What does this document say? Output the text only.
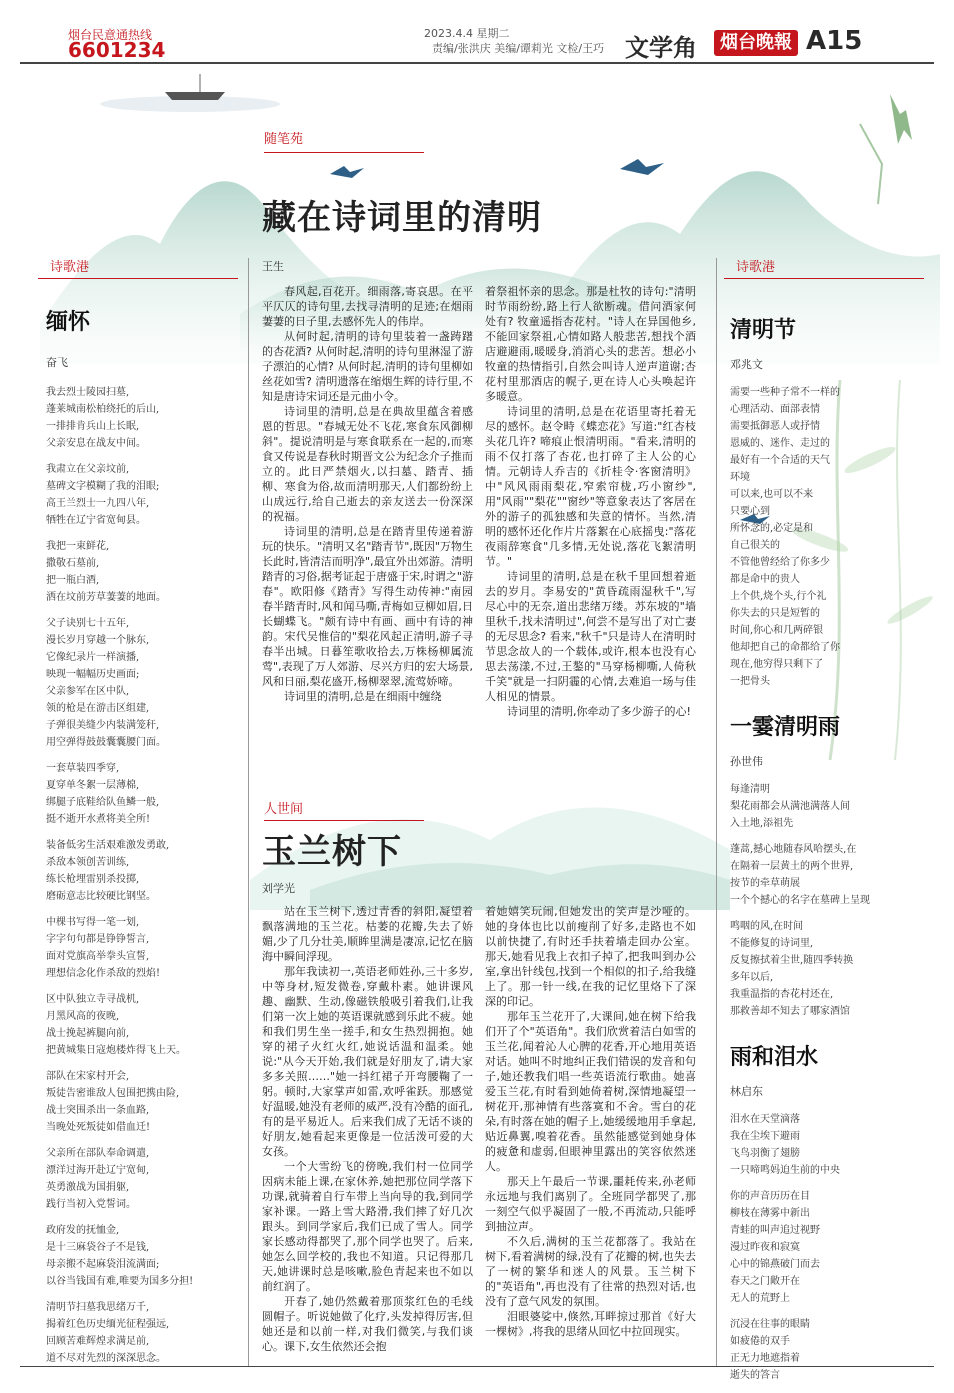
烟台民意通热线
6601234
2023.4.4 星期二
责编/张洪庆 美编/谭莉光 文检/王巧 文学角	烟台晚報 A15
诗歌港
缅怀
奋飞
我去烈士陵园扫墓,
蓬莱城南松柏绕托的后山,
一排排肯兵山上长眠,
父亲安息在战友中间。
我肃立在父亲坟前,
墓碑文字模糊了我的泪眼;
高王兰烈士一九四八年,
牺牲在辽宁省宽甸县。
我把一束鲜花,
撒敬石墓前,
把一瓶白酒,
洒在坟前芳草萋萋的地面。
父子诀别七十五年,
漫长岁月穿越一个脉东,
它像纪录片一样演播,
映现一幅幅历史画面;
父亲参军在区中队,
领的枪是在游击区组建,
子弹很美缝少内装满笼秆,
用空弹得鼓鼓囊囊腰门面。
一套草装四季穿,
夏穿单冬絮一层薄棉,
绑腿子底鞋给队鱼鳞一般,
挺不逝开水煮将美全所!
装备低劣生活艰难激发勇敢,
杀敌本领创苦训练,
练长枪埋雷别杀投掷,
磨砺意志比较硬比钢坚。
中棵书写得一笔一划,
字字句句都是铮铮誓言,
面对党旗高举拳头宣誓,
理想信念化作杀敌的烈焰!
区中队独立寺寻战机,
月黑风高的夜晚,
战士挽起裤腿向前,
把黄城集日寇炮楼炸得飞上天。
部队在宋家村开会,
叛徒告密谁敌人包围把携由险,
战士突围杀出一条血路,
当晚处死叛徒如借血迁!
父亲所在部队奉命调遣,
漂洋过海开赴辽宁宽甸,
英勇激战为国捐躯,
践行当初入党誓词。
政府发的抚恤金,
是十三麻袋谷子不是钱,
母亲搬不起麻袋泪流满面;
以谷当钱国有难,唯要为国多分担!
清明节扫墓我思绪万千,
揭着红色历史缅光征程强远,
回顾苦难辉煌求满足前,
道不尽对先烈的深深思念。
随笔苑
藏在诗词里的清明
王生

春风起,百花开。细雨落,寄哀思。在平平仄仄的诗句里,去找寻清明的足迹;在烟雨萋萋的日子里,去感怀先人的伟岸。

从何时起,清明的诗句里装着一盏踌躇的杏花酒? 从何时起,清明的诗句里淋湿了游子漂泊的心情? 从何时起,清明的诗句里柳如丝花如雪? 清明遗落在缩烟生辉的诗行里,不知是唐诗宋词还是元曲小令。

诗词里的清明,总是在典故里蕴含着感恩的哲思。"春城无处不飞花,寒食东风御柳斜"。提说清明是与寒食联系在一起的,而寒食又传说是春秋时期晋文公为纪念介子推而立的。此日严禁烟火,以扫墓、踏青、插柳、寒食为俗,故而清明那天,人们都纷纷上山成远行,给自己逝去的亲友送去一份深深的祝福。

诗词里的清明,总是在踏青里传递着游玩的快乐。"清明又名"踏青节",既因"万物生长此时,皆清洁而明净",最宜外出郊游。清明踏青的习俗,据考证起于唐盛于宋,时谓之"游春"。欧阳修《踏青》写得生动传神:"南园春半踏青时,风和闻马嘶,青梅如豆柳如眉,日长蝴蝶飞。"颇有诗中有画、画中有诗的神韵。宋代吴惟信的"梨花风起正清明,游子寻春半出城。日暮笙歌收拾去,万株杨柳属流莺",表现了万人郊游、尽兴方归的宏大场景,风和日丽,梨花盛开,杨柳翠翠,流莺娇啼。

诗词里的清明,总是在细雨中缠绕

着祭祖怀亲的思念。那是杜牧的诗句:"清明时节雨纷纷,路上行人欲断魂。借问酒家何处有? 牧童遥指杏花村。"诗人在异国他乡,不能回家祭祖,心情如路人般悲苦,想找个酒店避避雨,暖暖身,消消心头的悲苦。想必小牧童的热情指引,自然会叫诗人逆声道谢;杏花村里那酒店的幌子,更在诗人心头唤起许多暖意。

诗词里的清明,总是在花语里寄托着无尽的感怀。赵令畤《蝶恋花》写道:"红杏枝头花几许? 啼痕止恨清明雨。"看来,清明的雨不仅打落了杏花,也打碎了主人公的心情。元朝诗人乔吉的《折桂令·客窗清明》中"风风雨雨梨花,窄索帘栊,巧小窗纱",用"风雨""梨花""窗纱"等意象表达了客居在外的游子的孤独感和失意的情怀。当然,清明的感怀还化作片片落絮在心底摇曳:"落花夜雨辞寒食"几多情,无处说,落花飞絮清明节。"

诗词里的清明,总是在秋千里回想着逝去的岁月。李易安的"黄昏疏雨湿秋千",写尽心中的无奈,道出悲绪万缕。苏东坡的"墙里秋千,找未清明过",何尝不是写出了对亡妻的无尽思念? 看来,"秋千"只是诗人在清明时节思念故人的一个载体,或许,根本也没有心思去荡漾,不过,王鏊的"马穿杨柳嘶,人倚秋千笑"就是一扫阴霾的心情,去难追一场与佳人相见的情景。

诗词里的清明,你牵动了多少游子的心!

人世间
玉兰树下
刘学光

站在玉兰树下,透过青香的斜阳,凝望着飘落满地的玉兰花。枯萎的花瓣,失去了娇媚,少了几分壮美,顺眸里满是凄凉,记忆在脑海中瞬间浮现。

那年我读初一,英语老师姓孙,三十多岁,中等身材,短发微卷,穿戴朴素。她讲课风趣、幽默、生动,像磁铁般吸引着我们,让我们第一次上她的英语课就感到乐此不疲。她和我们男生坐一搓手,和女生热烈拥抱。她穿的裙子火红火红,她说话温和温柔。她说:"从今天开始,我们就是好朋友了,请大家多多关照……"她一抖红裙子开弯腰鞠了一躬。顿时,大家掌声如雷,欢呼雀跃。那感觉好温暖,她没有老师的威严,没有冷酷的面孔,有的是平易近人。后来我们成了无话不谈的好朋友,她看起来更像是一位活泼可爱的大女孩。

一个大雪纷飞的傍晚,我们村一位同学因病未能上课,在家休养,她把那位同学落下功课,就骑着自行车带上当向导的我,到同学家补课。一路上雪大路滑,我们摔了好几次跟头。到同学家后,我们已成了雪人。同学家长感动得都哭了,那个同学也哭了。后来,她怎么回学校的,我也不知道。只记得那几天,她讲课时总是咳嗽,脸色青起来也不如以前红润了。

开春了,她仍然戴着那顶浆红色的毛线圆帽子。听说她做了化疗,头发掉得厉害,但她还是和以前一样,对我们微笑,与我们谈心。课下,女生依然还会抱

着她嬉笑玩闹,但她发出的笑声是沙哑的。她的身体也比以前瘦削了好多,走路也不如以前快捷了,有时还手扶着墙走回办公室。那天,她看见我上衣扣子掉了,把我叫到办公室,拿出针线包,找到一个相似的扣子,给我缝上了。那一针一线,在我的记忆里烙下了深深的印记。

那年玉兰花开了,大课间,她在树下给我们开了个"英语角"。我们欣赏着洁白如雪的玉兰花,闻着沁人心脾的花香,开心地用英语对话。她叫不时地纠正我们错误的发音和句子,她还教我们唱一些英语流行歌曲。她喜爱玉兰花,有时看到她倚着树,深情地凝望一树花开,那神情有些落寞和不舍。雪白的花朵,有时落在她的帽子上,她缓缓地用手拿起,贴近鼻翼,嗅着花香。虽然能感觉到她身体的疲惫和虚弱,但眼神里露出的笑容依然迷人。

那天上午最后一节课,噩耗传来,孙老师永远地与我们离别了。全班同学都哭了,那一刻空气似乎凝固了一般,不再流动,只能呼到抽泣声。

不久后,满树的玉兰花都落了。我站在树下,看着满树的绿,没有了花瓣的树,也失去了一树的繁华和迷人的风景。玉兰树下的"英语角",再也没有了往常的热烈对话,也没有了意气风发的氛围。

泪眼婆娑中,倏然,耳畔掠过那首《好大一棵树》,将我的思绪从回忆中拉回现实。

诗歌港
清明节
邓兆文
需要一些种子常不一样的
心理活动、面部表情
需要抵御恶人或抒情
恩威的、迷作、走过的
最好有一个合适的天气
环境
可以来,也可以不来
只要心到
所怀念的,必定是和
自己很关的
不管他曾经给了你多少
都是命中的贵人
上个供,烧个头,行个礼
你失去的只是短暂的
时间,你心和几两碎银
他却把自己的命都给了你
现在,他穷得只剩下了
一把骨头
一霎清明雨
孙世伟
每逢清明
梨花雨都会从满池满落人间
入土地,添祖先
蓬蒿,撼心地随春风哈摆头,在
在隔着一层黄土的两个世界,
按节的牵草萌展
一个个撼心的名字在墓碑上呈现
鸣咽的风,在时间
不能修复的诗词里,
反复擦拭着尘世,随四季转换
多年以后,
我重温指的杏花村还在,
那救善却不知去了哪家酒馆
雨和泪水
林启东
泪水在天堂滴落
我在尘埃下避雨
飞鸟羽衡了翅膀
一只啼鸣妈迫生前的中央
你的声音历历在目
柳枝在薄雾中新出
青蛙的叫声追过视野
漫过昨夜和寂寞
心中的锦燕破门而去
春天之门敞开在
无人的荒野上
沉浸在往事的眼睛
如疲倦的双手
正无力地遮指着
逝失的答言
